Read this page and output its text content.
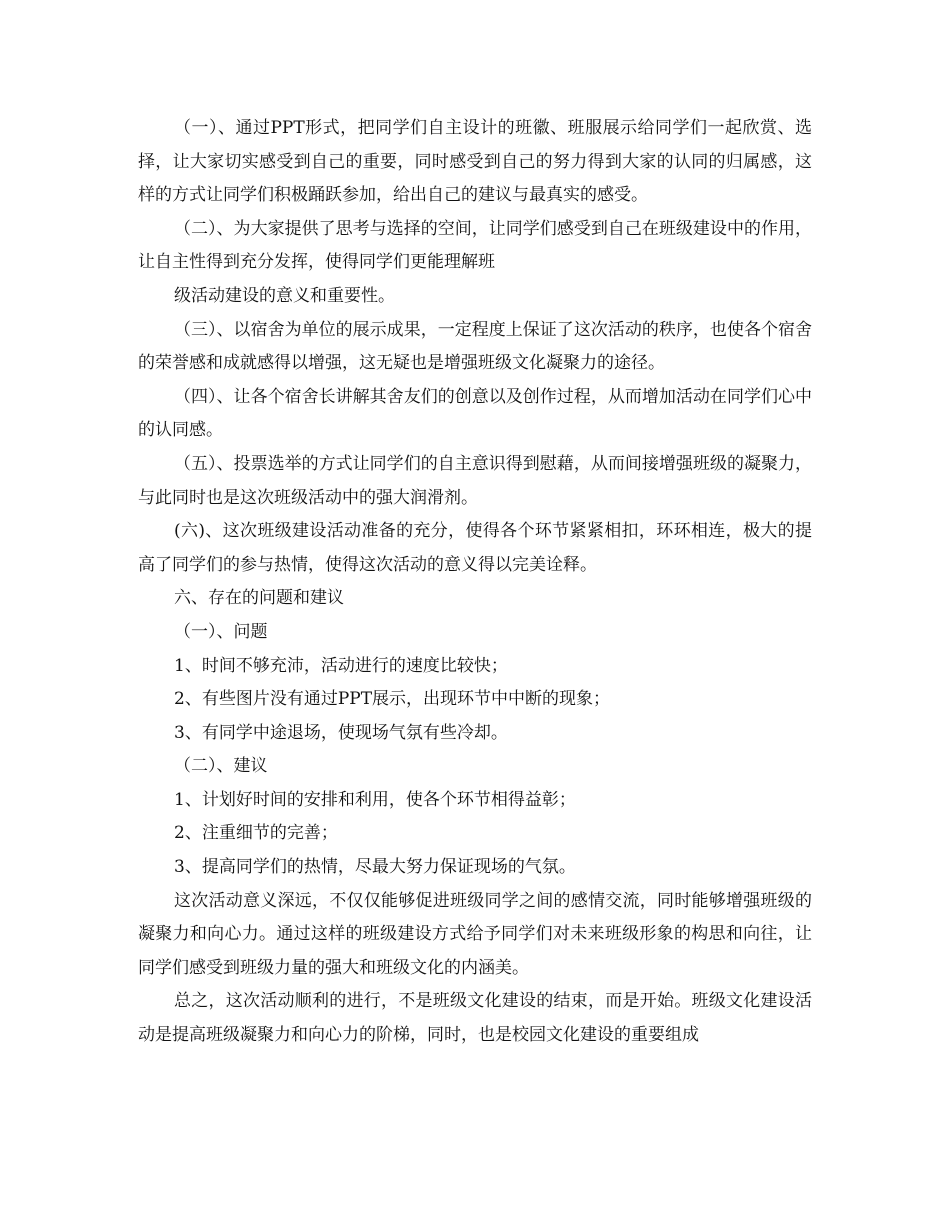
（一）、通过PPT形式，把同学们自主设计的班徽、班服展示给同学们一起欣赏、选择，让大家切实感受到自己的重要，同时感受到自己的努力得到大家的认同的归属感，这样的方式让同学们积极踊跃参加，给出自己的建议与最真实的感受。

（二）、为大家提供了思考与选择的空间，让同学们感受到自己在班级建设中的作用，让自主性得到充分发挥，使得同学们更能理解班

级活动建设的意义和重要性。

（三）、以宿舍为单位的展示成果，一定程度上保证了这次活动的秩序，也使各个宿舍的荣誉感和成就感得以增强，这无疑也是增强班级文化凝聚力的途径。

（四）、让各个宿舍长讲解其舍友们的创意以及创作过程，从而增加活动在同学们心中的认同感。

（五）、投票选举的方式让同学们的自主意识得到慰藉，从而间接增强班级的凝聚力，与此同时也是这次班级活动中的强大润滑剂。

(六)、这次班级建设活动准备的充分，使得各个环节紧紧相扣，环环相连，极大的提高了同学们的参与热情，使得这次活动的意义得以完美诠释。

六、存在的问题和建议

（一）、问题

1、时间不够充沛，活动进行的速度比较快；

2、有些图片没有通过PPT展示，出现环节中中断的现象；

3、有同学中途退场，使现场气氛有些冷却。

（二）、建议

1、计划好时间的安排和利用，使各个环节相得益彰；

2、注重细节的完善；

3、提高同学们的热情，尽最大努力保证现场的气氛。

这次活动意义深远，不仅仅能够促进班级同学之间的感情交流，同时能够增强班级的凝聚力和向心力。通过这样的班级建设方式给予同学们对未来班级形象的构思和向往，让同学们感受到班级力量的强大和班级文化的内涵美。

总之，这次活动顺利的进行，不是班级文化建设的结束，而是开始。班级文化建设活动是提高班级凝聚力和向心力的阶梯，同时，也是校园文化建设的重要组成
